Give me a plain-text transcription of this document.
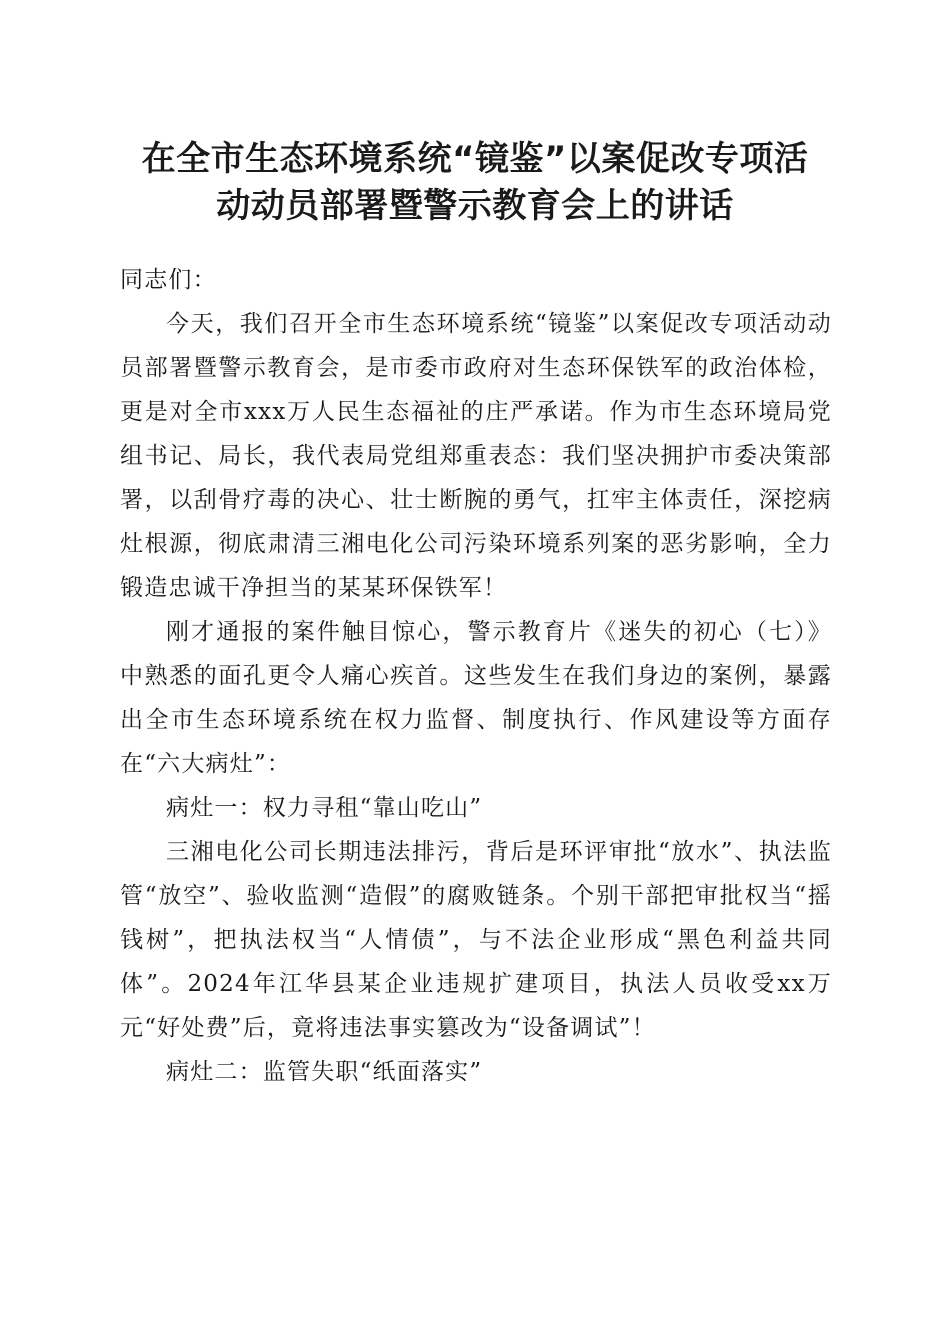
在全市生态环境系统“镜鉴”以案促改专项活
动动员部署暨警示教育会上的讲话

同志们：

今天，我们召开全市生态环境系统“镜鉴”以案促改专项活动动员部署暨警示教育会，是市委市政府对生态环保铁军的政治体检，更是对全市xxx万人民生态福祉的庄严承诺。作为市生态环境局党组书记、局长，我代表局党组郑重表态：我们坚决拥护市委决策部署，以刮骨疗毒的决心、壮士断腕的勇气，扛牢主体责任，深挖病灶根源，彻底肃清三湘电化公司污染环境系列案的恶劣影响，全力锻造忠诚干净担当的某某环保铁军！

刚才通报的案件触目惊心，警示教育片《迷失的初心（七）》中熟悉的面孔更令人痛心疾首。这些发生在我们身边的案例，暴露出全市生态环境系统在权力监督、制度执行、作风建设等方面存在“六大病灶”：

病灶一：权力寻租“靠山吃山”

三湘电化公司长期违法排污，背后是环评审批“放水”、执法监管“放空”、验收监测“造假”的腐败链条。个别干部把审批权当“摇钱树”，把执法权当“人情债”，与不法企业形成“黑色利益共同体”。2024年江华县某企业违规扩建项目，执法人员收受xx万元“好处费”后，竟将违法事实篡改为“设备调试”！

病灶二：监管失职“纸面落实”
